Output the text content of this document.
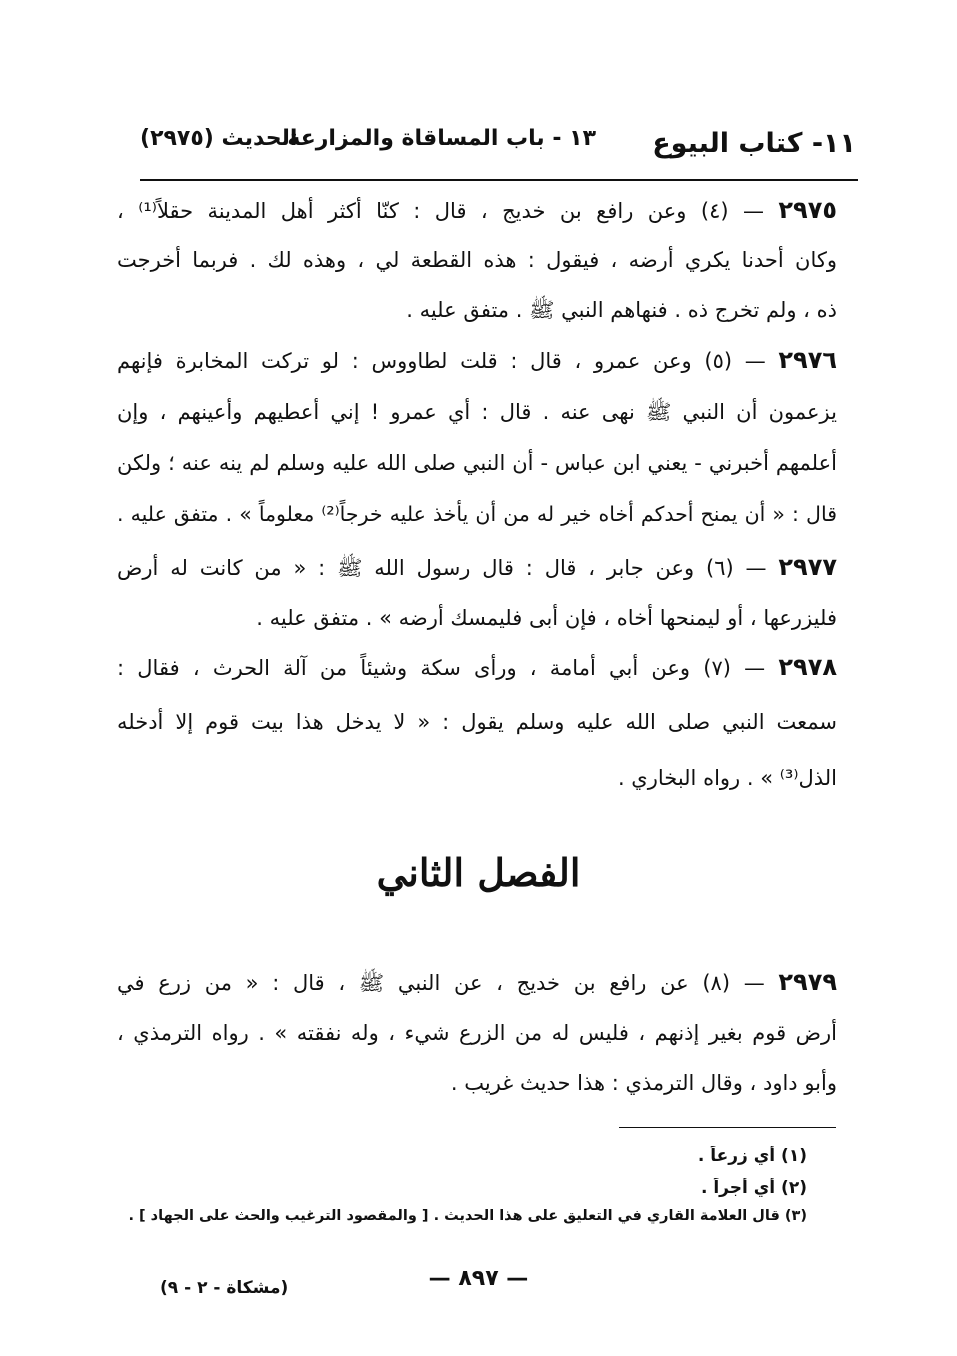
١١- كتاب البيوع
١٣ - باب المساقاة والمزارعة
الحديث (٢٩٧٥)
٢٩٧٥ — (٤) وعن رافع بن خديج ، قال : كنّا أكثر أهل المدينة حقلاً⁽¹⁾ ،
وكان أحدنا يكري أرضه ، فيقول : هذه القطعة لي ، وهذه لك . فربما أخرجت
ذه ، ولم تخرج ذه . فنهاهم النبي ﷺ . متفق عليه .
٢٩٧٦ — (٥) وعن عمرو ، قال : قلت لطاووس : لو تركت المخابرة فإنهم
يزعمون أن النبي ﷺ نهى عنه . قال : أي عمرو ! إني أعطيهم وأعينهم ، وإن
أعلمهم أخبرني - يعني ابن عباس - أن النبي صلى الله عليه وسلم لم ينه عنه ؛ ولكن
قال : « أن يمنح أحدكم أخاه خير له من أن يأخذ عليه خرجاً⁽²⁾ معلوماً » . متفق عليه .
٢٩٧٧ — (٦) وعن جابر ، قال : قال رسول الله ﷺ : « من كانت له أرض
فليزرعها ، أو ليمنحها أخاه ، فإن أبى فليمسك أرضه » . متفق عليه .
٢٩٧٨ — (٧) وعن أبي أمامة ، ورأى سكة وشيئاً من آلة الحرث ، فقال :
سمعت النبي صلى الله عليه وسلم يقول : « لا يدخل هذا بيت قوم إلا أدخله
الذل⁽³⁾ » . رواه البخاري .
الفصل الثاني
٢٩٧٩ — (٨) عن رافع بن خديج ، عن النبي ﷺ ، قال : « من زرع في
أرض قوم بغير إذنهم ، فليس له من الزرع شيء ، وله نفقته » . رواه الترمذي ،
وأبو داود ، وقال الترمذي : هذا حديث غريب .
(١) أي زرعاً .
(٢) أي أجراً .
(٣) قال العلامة القاري في التعليق على هذا الحديث . [ والمقصود الترغيب والحث على الجهاد ] .
— ٨٩٧ —
(مشكاة - ٢ - ٩)
